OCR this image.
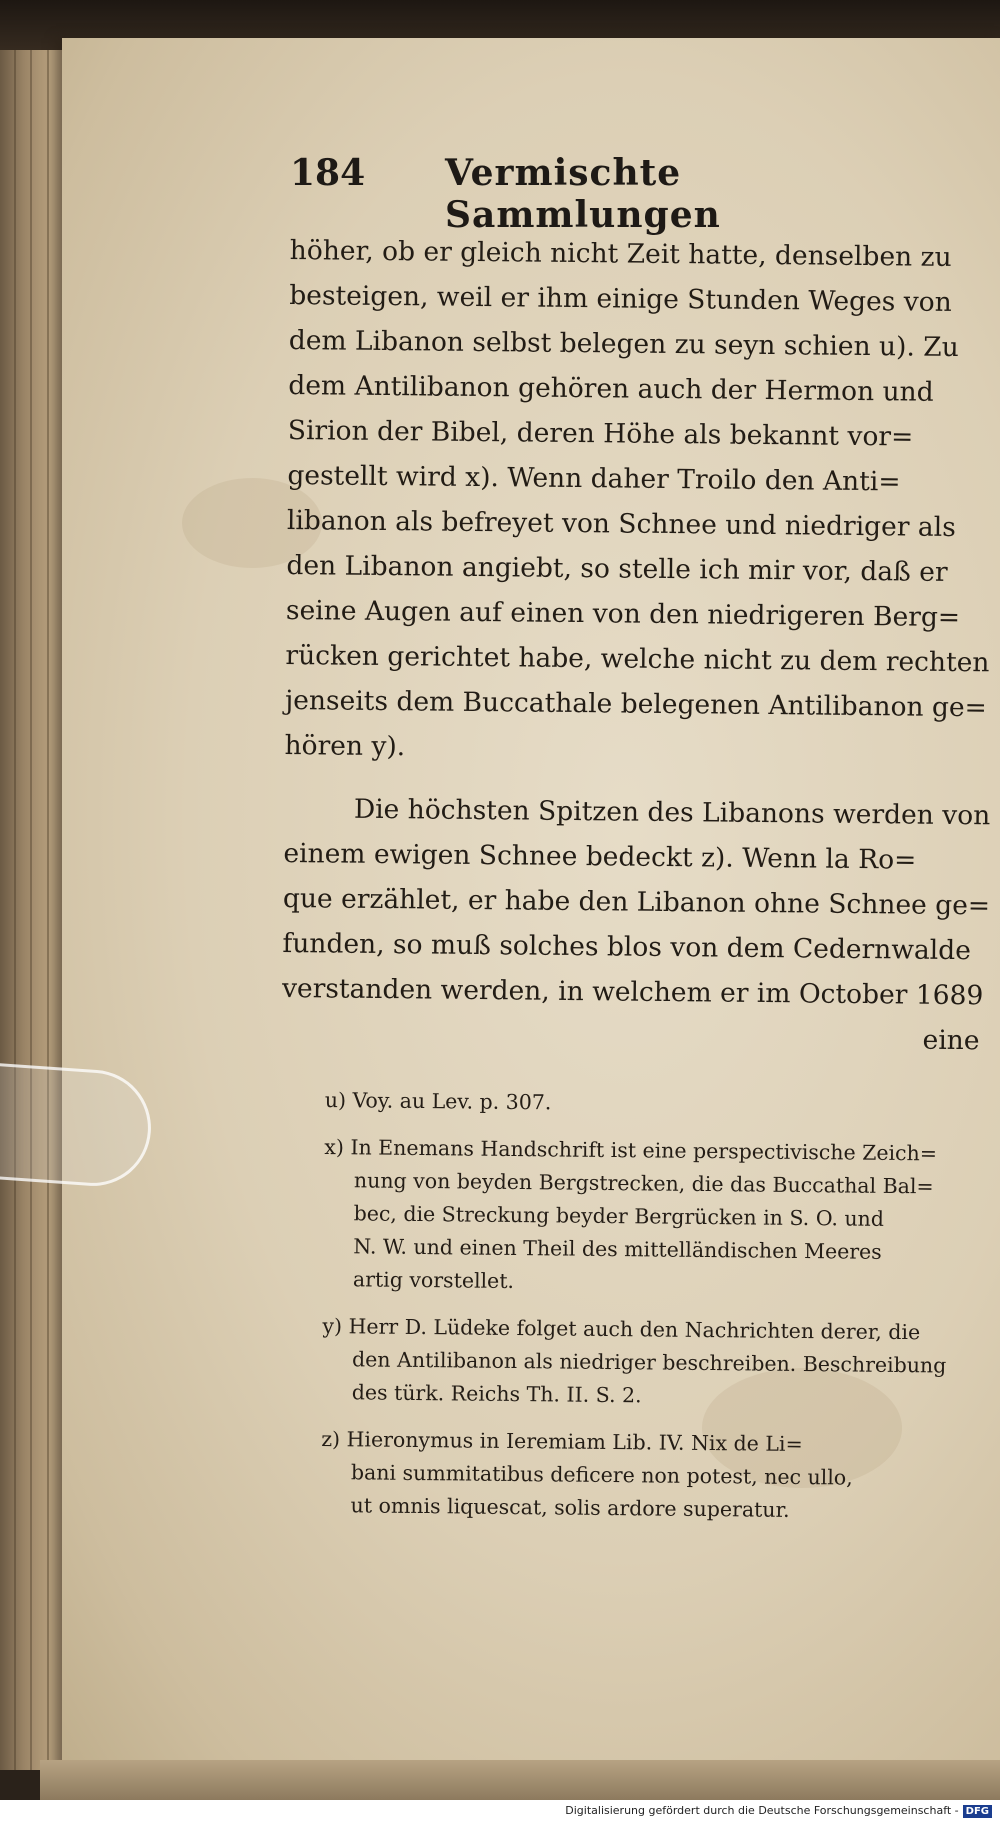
184 Vermischte Sammlungen
höher, ob er gleich nicht Zeit hatte, denselben zu
besteigen, weil er ihm einige Stunden Weges von
dem Libanon selbst belegen zu seyn schien u). Zu
dem Antilibanon gehören auch der Hermon und
Sirion der Bibel, deren Höhe als bekannt vor=
gestellt wird x). Wenn daher Troilo den Anti=
libanon als befreyet von Schnee und niedriger als
den Libanon angiebt, so stelle ich mir vor, daß er
seine Augen auf einen von den niedrigeren Berg=
rücken gerichtet habe, welche nicht zu dem rechten
jenseits dem Buccathale belegenen Antilibanon ge=
hören y).
Die höchsten Spitzen des Libanons werden von
einem ewigen Schnee bedeckt z). Wenn la Ro=
que erzählet, er habe den Libanon ohne Schnee ge=
funden, so muß solches blos von dem Cedernwalde
verstanden werden, in welchem er im October 1689
eine
u) Voy. au Lev. p. 307.
x) In Enemans Handschrift ist eine perspectivische Zeich=
nung von beyden Bergstrecken, die das Buccathal Bal=
bec, die Streckung beyder Bergrücken in S. O. und
N. W. und einen Theil des mittelländischen Meeres
artig vorstellet.
y) Herr D. Lüdeke folget auch den Nachrichten derer, die
den Antilibanon als niedriger beschreiben. Beschreibung
des türk. Reichs Th. II. S. 2.
z) Hieronymus in Ieremiam Lib. IV. Nix de Li=
bani summitatibus deficere non potest, nec ullo,
ut omnis liquescat, solis ardore superatur.
Digitalisierung gefördert durch die Deutsche Forschungsgemeinschaft - DFG
